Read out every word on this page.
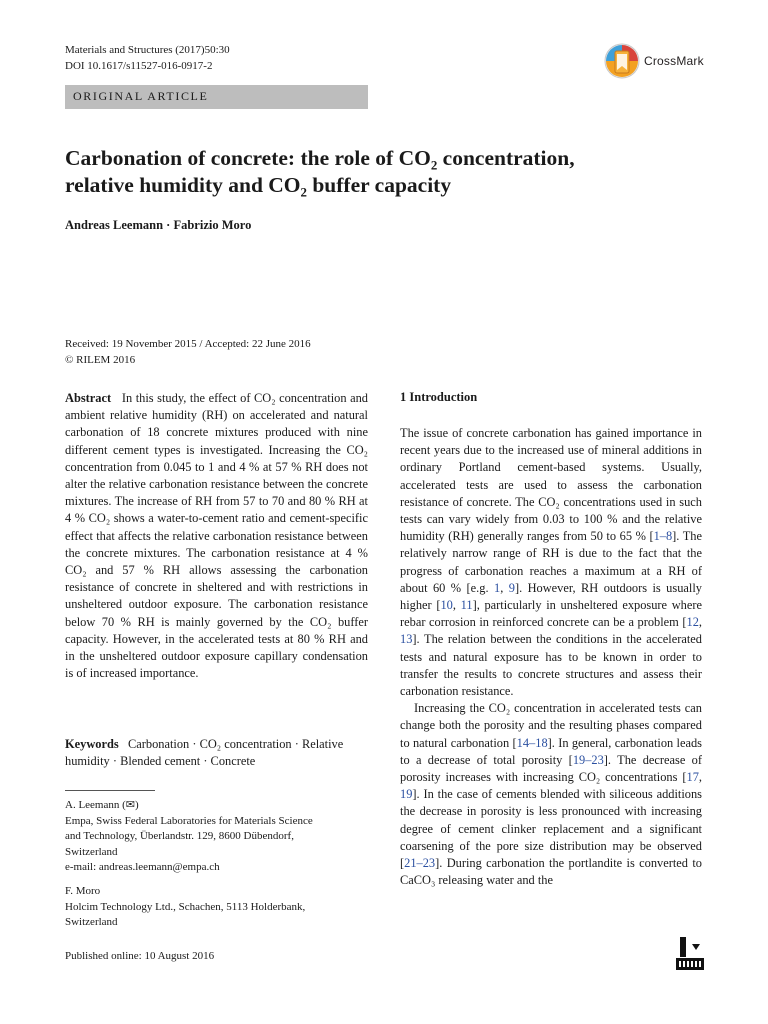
Materials and Structures (2017)50:30
DOI 10.1617/s11527-016-0917-2	CrossMark
ORIGINAL ARTICLE
Carbonation of concrete: the role of CO₂ concentration,
relative humidity and CO₂ buffer capacity
Andreas Leemann · Fabrizio Moro
Received: 19 November 2015 / Accepted: 22 June 2016
© RILEM 2016
Abstract In this study, the effect of CO₂ concentration and ambient relative humidity (RH) on accelerated and natural carbonation of 18 concrete mixtures produced with nine different cement types is investigated. Increasing the CO₂ concentration from 0.045 to 1 and 4 % at 57 % RH does not alter the relative carbonation resistance between the concrete mixtures. The increase of RH from 57 to 70 and 80 % RH at 4 % CO₂ shows a water-to-cement ratio and cement-specific effect that affects the relative carbonation resistance between the concrete mixtures. The carbonation resistance at 4 % CO₂ and 57 % RH allows assessing the carbonation resistance of concrete in sheltered and with restrictions in unsheltered outdoor exposure. The carbonation resistance below 70 % RH is mainly governed by the CO₂ buffer capacity. However, in the accelerated tests at 80 % RH and in the unsheltered outdoor exposure capillary condensation is of increased importance.
Keywords Carbonation · CO₂ concentration · Relative humidity · Blended cement · Concrete
A. Leemann (✉)
Empa, Swiss Federal Laboratories for Materials Science
and Technology, Überlandstr. 129, 8600 Dübendorf,
Switzerland
e-mail: andreas.leemann@empa.ch
F. Moro
Holcim Technology Ltd., Schachen, 5113 Holderbank,
Switzerland
Published online: 10 August 2016
1 Introduction
The issue of concrete carbonation has gained importance in recent years due to the increased use of mineral additions in ordinary Portland cement-based systems. Usually, accelerated tests are used to assess the carbonation resistance of concrete. The CO₂ concentrations used in such tests can vary widely from 0.03 to 100 % and the relative humidity (RH) generally ranges from 50 to 65 % [1–8]. The relatively narrow range of RH is due to the fact that the progress of carbonation reaches a maximum at a RH of about 60 % [e.g. 1, 9]. However, RH outdoors is usually higher [10, 11], particularly in unsheltered exposure where rebar corrosion in reinforced concrete can be a problem [12, 13]. The relation between the conditions in the accelerated tests and natural exposure has to be known in order to transfer the results to concrete structures and assess their carbonation resistance.
Increasing the CO₂ concentration in accelerated tests can change both the porosity and the resulting phases compared to natural carbonation [14–18]. In general, carbonation leads to a decrease of total porosity [19–23]. The decrease of porosity increases with increasing CO₂ concentrations [17, 19]. In the case of cements blended with siliceous additions the decrease in porosity is less pronounced with increasing degree of cement clinker replacement and a significant coarsening of the pore size distribution may be observed [21–23]. During carbonation the portlandite is converted to CaCO₃ releasing water and the
